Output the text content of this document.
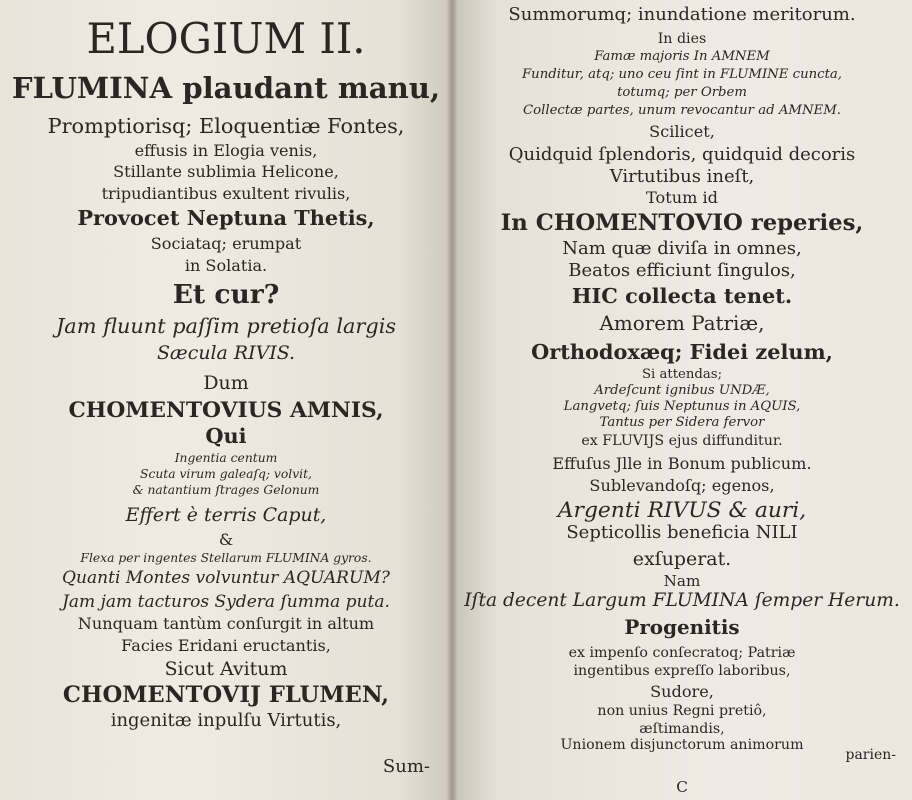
ELOGIUM II.
FLUMINA plaudant manu,
Promptiorisq; Eloquentiæ Fontes,
effusis in Elogia venis,
Stillante sublimia Helicone,
tripudiantibus exultent rivulis,
Provocet Neptuna Thetis,
Sociataq; erumpat
in Solatia.
Et cur?
Jam fluunt paſſim pretioſa largis
Sæcula RIVIS.
Dum
CHOMENTOVIUS AMNIS,
Qui
Ingentia centum
Scuta virum galeaſq; volvit,
& natantium ſtrages Gelonum
Effert è terris Caput,
&
Flexa per ingentes Stellarum FLUMINA gyros.
Quanti Montes volvuntur AQUARUM?
Jam jam tacturos Sydera ſumma puta.
Nunquam tantùm conſurgit in altum
Facies Eridani eructantis,
Sicut Avitum
CHOMENTOVIJ FLUMEN,
ingenitæ inpulſu Virtutis,
Sum-
Summorumq; inundatione meritorum.
In dies
Famæ majoris In AMNEM
Funditur, atq; uno ceu ſint in FLUMINE cuncta,
totumq; per Orbem
Collectæ partes, unum revocantur ad AMNEM.
Scilicet,
Quidquid ſplendoris, quidquid decoris
Virtutibus ineſt,
Totum id
In CHOMENTOVIO reperies,
Nam quæ diviſa in omnes,
Beatos efficiunt ſingulos,
HIC collecta tenet.
Amorem Patriæ,
Orthodoxæq; Fidei zelum,
Si attendas;
Ardeſcunt ignibus UNDÆ,
Langvetq; ſuis Neptunus in AQUIS,
Tantus per Sidera fervor
ex FLUVIJS ejus diffunditur.
Effuſus Jlle in Bonum publicum.
Sublevandoſq; egenos,
Argenti RIVUS & auri,
Septicollis beneficia NILI
exſuperat.
Nam
Iſta decent Largum FLUMINA ſemper Herum.
Progenitis
ex impenſo conſecratoq; Patriæ
ingentibus expreſſo laboribus,
Sudore,
non unius Regni pretiô,
æſtimandis,
Unionem disjunctorum animorum
C
parien-
